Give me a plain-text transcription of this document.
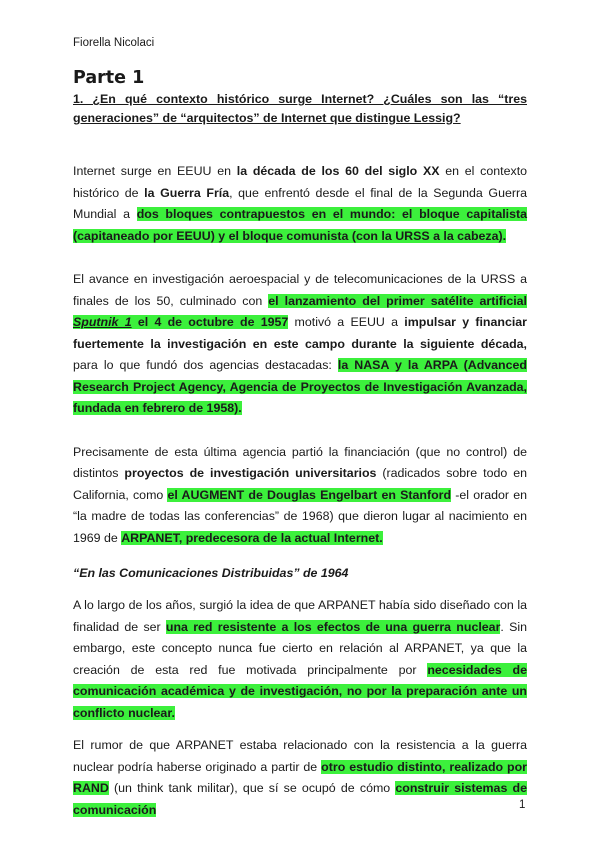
Fiorella Nicolaci
Parte 1
1. ¿En qué contexto histórico surge Internet? ¿Cuáles son las “tres generaciones” de “arquitectos” de Internet que distingue Lessig?

Internet surge en EEUU en la década de los 60 del siglo XX en el contexto histórico de la Guerra Fría, que enfrentó desde el final de la Segunda Guerra Mundial a dos bloques contrapuestos en el mundo: el bloque capitalista (capitaneado por EEUU) y el bloque comunista (con la URSS a la cabeza).

El avance en investigación aeroespacial y de telecomunicaciones de la URSS a finales de los 50, culminado con el lanzamiento del primer satélite artificial Sputnik 1 el 4 de octubre de 1957 motivó a EEUU a impulsar y financiar fuertemente la investigación en este campo durante la siguiente década, para lo que fundó dos agencias destacadas: la NASA y la ARPA (Advanced Research Project Agency, Agencia de Proyectos de Investigación Avanzada, fundada en febrero de 1958).

Precisamente de esta última agencia partió la financiación (que no control) de distintos proyectos de investigación universitarios (radicados sobre todo en California, como el AUGMENT de Douglas Engelbart en Stanford -el orador en “la madre de todas las conferencias” de 1968) que dieron lugar al nacimiento en 1969 de ARPANET, predecesora de la actual Internet.

“En las Comunicaciones Distribuidas” de 1964

A lo largo de los años, surgió la idea de que ARPANET había sido diseñado con la finalidad de ser una red resistente a los efectos de una guerra nuclear. Sin embargo, este concepto nunca fue cierto en relación al ARPANET, ya que la creación de esta red fue motivada principalmente por necesidades de comunicación académica y de investigación, no por la preparación ante un conflicto nuclear.

El rumor de que ARPANET estaba relacionado con la resistencia a la guerra nuclear podría haberse originado a partir de otro estudio distinto, realizado por RAND (un think tank militar), que sí se ocupó de cómo construir sistemas de comunicación	1
